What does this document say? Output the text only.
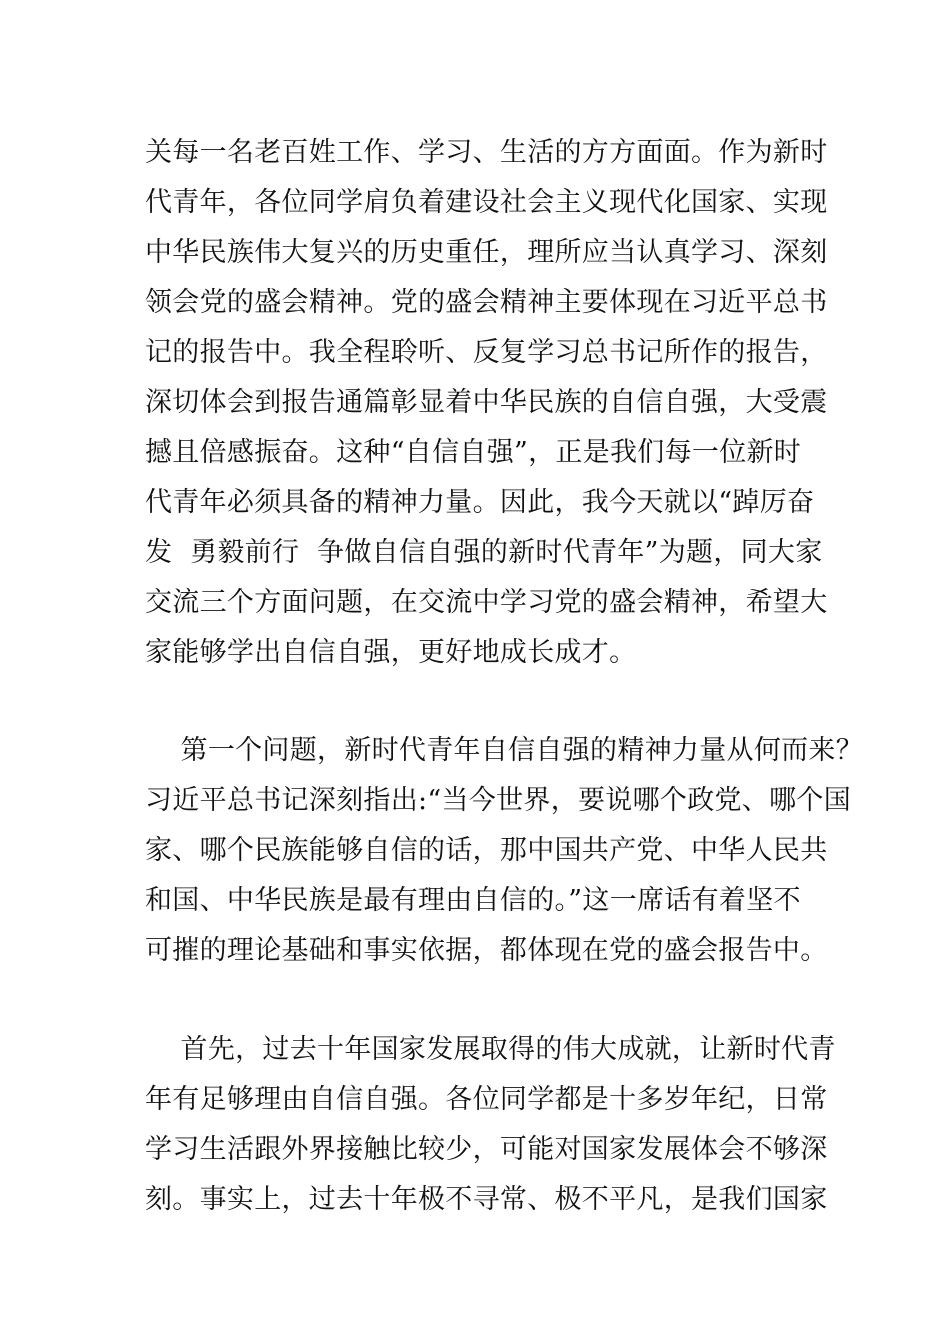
关每一名老百姓工作、学习、生活的方方面面。作为新时
代青年，各位同学肩负着建设社会主义现代化国家、实现
中华民族伟大复兴的历史重任，理所应当认真学习、深刻
领会党的盛会精神。党的盛会精神主要体现在习近平总书
记的报告中。我全程聆听、反复学习总书记所作的报告，
深切体会到报告通篇彰显着中华民族的自信自强，大受震
撼且倍感振奋。这种“自信自强”，正是我们每一位新时
代青年必须具备的精神力量。因此，我今天就以“踔厉奋
发  勇毅前行  争做自信自强的新时代青年”为题，同大家
交流三个方面问题，在交流中学习党的盛会精神，希望大
家能够学出自信自强，更好地成长成才。
第一个问题，新时代青年自信自强的精神力量从何而来？
习近平总书记深刻指出:“当今世界，要说哪个政党、哪个国
家、哪个民族能够自信的话，那中国共产党、中华人民共
和国、中华民族是最有理由自信的。”这一席话有着坚不
可摧的理论基础和事实依据，都体现在党的盛会报告中。
首先，过去十年国家发展取得的伟大成就，让新时代青
年有足够理由自信自强。各位同学都是十多岁年纪，日常
学习生活跟外界接触比较少，可能对国家发展体会不够深
刻。事实上，过去十年极不寻常、极不平凡，是我们国家
